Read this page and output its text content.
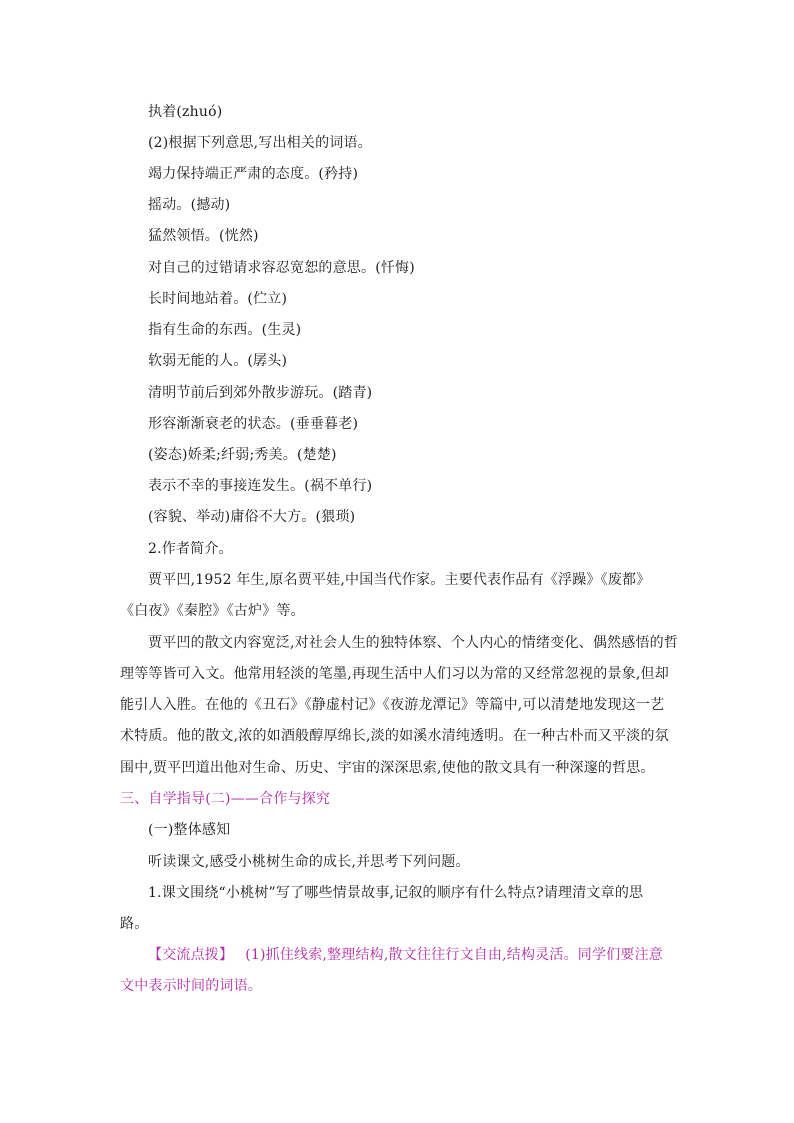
执着(zhuó)
(2)根据下列意思,写出相关的词语。
竭力保持端正严肃的态度。(矜持)
摇动。(撼动)
猛然领悟。(恍然)
对自己的过错请求容忍宽恕的意思。(忏悔)
长时间地站着。(伫立)
指有生命的东西。(生灵)
软弱无能的人。(孱头)
清明节前后到郊外散步游玩。(踏青)
形容渐渐衰老的状态。(垂垂暮老)
(姿态)娇柔;纤弱;秀美。(楚楚)
表示不幸的事接连发生。(祸不单行)
(容貌、举动)庸俗不大方。(猥琐)
2.作者简介。
贾平凹,1952 年生,原名贾平娃,中国当代作家。主要代表作品有《浮躁》《废都》
《白夜》《秦腔》《古炉》等。
贾平凹的散文内容宽泛,对社会人生的独特体察、个人内心的情绪变化、偶然感悟的哲
理等等皆可入文。他常用轻淡的笔墨,再现生活中人们习以为常的又经常忽视的景象,但却
能引人入胜。在他的《丑石》《静虚村记》《夜游龙潭记》等篇中,可以清楚地发现这一艺
术特质。他的散文,浓的如酒般醇厚绵长,淡的如溪水清纯透明。在一种古朴而又平淡的氛
围中,贾平凹道出他对生命、历史、宇宙的深深思索,使他的散文具有一种深邃的哲思。
三、自学指导(二)——合作与探究
(一)整体感知
听读课文,感受小桃树生命的成长,并思考下列问题。
1.课文围绕“小桃树”写了哪些情景故事,记叙的顺序有什么特点?请理清文章的思
路。
【交流点拨】 (1)抓住线索,整理结构,散文往往行文自由,结构灵活。同学们要注意
文中表示时间的词语。
